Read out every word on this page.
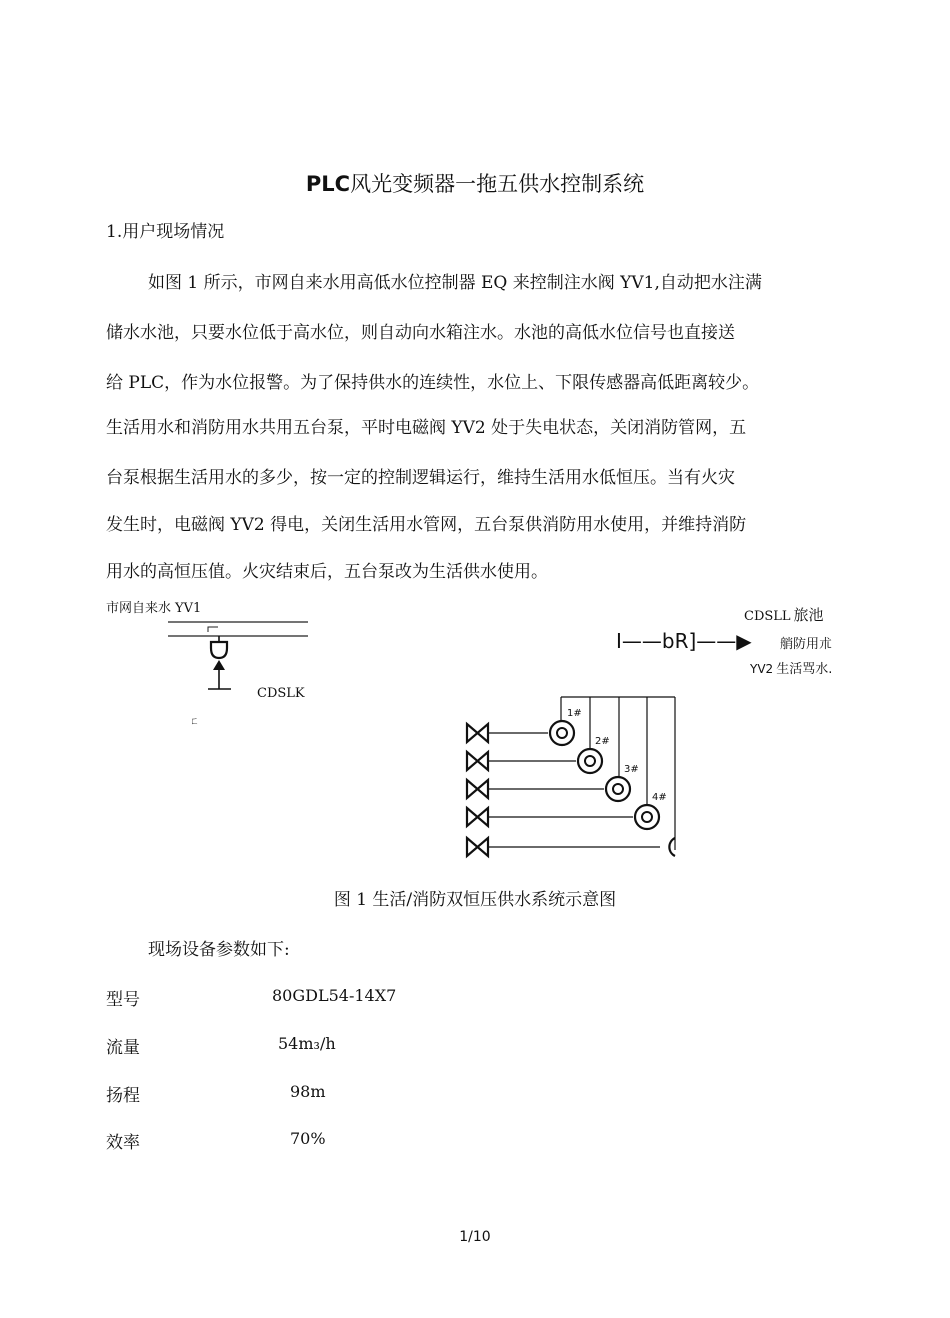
PLC风光变频器一拖五供水控制系统
1.用户现场情况
如图 1 所示，市网自来水用高低水位控制器 EQ 来控制注水阀 YV1,自动把水注满
储水水池，只要水位低于高水位，则自动向水箱注水。水池的高低水位信号也直接送
给 PLC，作为水位报警。为了保持供水的连续性，水位上、下限传感器高低距离较少。
生活用水和消防用水共用五台泵，平时电磁阀 YV2 处于失电状态，关闭消防管网，五
台泵根据生活用水的多少，按一定的控制逻辑运行，维持生活用水低恒压。当有火灾
发生时，电磁阀 YV2 得电，关闭生活用水管网，五台泵供消防用水使用，并维持消防
用水的高恒压值。火灾结束后，五台泵改为生活供水使用。
市网自来水 YV1
CDSLK
ㄈ
CDSLL 旅池
I——bR]——▶ 艄防用朮
YV2 生活骂水.
1#
2#
3#
4#
图 1 生活/消防双恒压供水系统示意图
现场设备参数如下:
型号	80GDL54-14X7
流量	54m₃/h
扬程	98m
效率	70%
1/10
